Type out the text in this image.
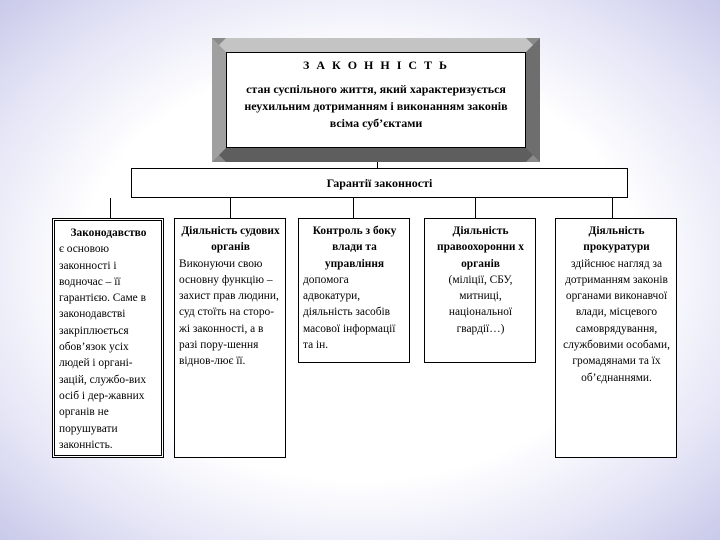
З А К О Н Н І С Т Ь
стан суспільного життя, який характеризується неухильним дотриманням і виконанням законів всіма суб’єктами
Гарантії законності
Законодавство
є основою законності і водночас – її гарантією. Саме в законодавстві закріплюється обов’язок усіх людей і органі-зацій, службо-вих осіб і дер-жавних органів не порушувати законність.
Діяльність судових органів
Виконуючи свою основну функцію – захист прав людини, суд стоїть на сторо-жі законності, а в разі пору-шення віднов-лює її.
Контроль з боку влади та управління
допомога адвокатури, діяльність засобів масової інформації та ін.
Діяльність правоохоронни х органів
(міліції, СБУ, митниці, національної гвардії…)
Діяльність прокуратури
здійснює нагляд за дотриманням законів органами виконавчої влади, місцевого самоврядування, службовими особами, громадянами та їх об’єднаннями.
